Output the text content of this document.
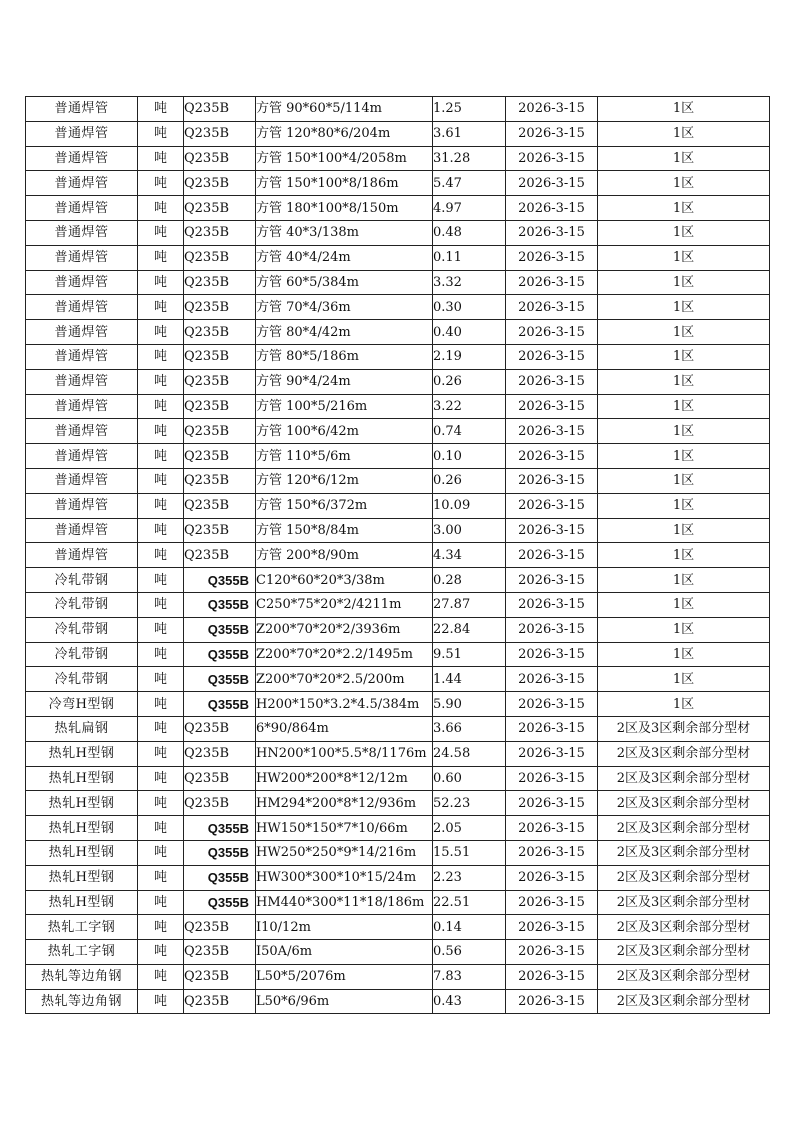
普通焊管	吨	Q235B	方管 90*60*5/114m	1.25	2026-3-15	1区
普通焊管	吨	Q235B	方管 120*80*6/204m	3.61	2026-3-15	1区
普通焊管	吨	Q235B	方管 150*100*4/2058m	31.28	2026-3-15	1区
普通焊管	吨	Q235B	方管 150*100*8/186m	5.47	2026-3-15	1区
普通焊管	吨	Q235B	方管 180*100*8/150m	4.97	2026-3-15	1区
普通焊管	吨	Q235B	方管 40*3/138m	0.48	2026-3-15	1区
普通焊管	吨	Q235B	方管 40*4/24m	0.11	2026-3-15	1区
普通焊管	吨	Q235B	方管 60*5/384m	3.32	2026-3-15	1区
普通焊管	吨	Q235B	方管 70*4/36m	0.30	2026-3-15	1区
普通焊管	吨	Q235B	方管 80*4/42m	0.40	2026-3-15	1区
普通焊管	吨	Q235B	方管 80*5/186m	2.19	2026-3-15	1区
普通焊管	吨	Q235B	方管 90*4/24m	0.26	2026-3-15	1区
普通焊管	吨	Q235B	方管 100*5/216m	3.22	2026-3-15	1区
普通焊管	吨	Q235B	方管 100*6/42m	0.74	2026-3-15	1区
普通焊管	吨	Q235B	方管 110*5/6m	0.10	2026-3-15	1区
普通焊管	吨	Q235B	方管 120*6/12m	0.26	2026-3-15	1区
普通焊管	吨	Q235B	方管 150*6/372m	10.09	2026-3-15	1区
普通焊管	吨	Q235B	方管 150*8/84m	3.00	2026-3-15	1区
普通焊管	吨	Q235B	方管 200*8/90m	4.34	2026-3-15	1区
冷轧带钢	吨	Q355B	C120*60*20*3/38m	0.28	2026-3-15	1区
冷轧带钢	吨	Q355B	C250*75*20*2/4211m	27.87	2026-3-15	1区
冷轧带钢	吨	Q355B	Z200*70*20*2/3936m	22.84	2026-3-15	1区
冷轧带钢	吨	Q355B	Z200*70*20*2.2/1495m	9.51	2026-3-15	1区
冷轧带钢	吨	Q355B	Z200*70*20*2.5/200m	1.44	2026-3-15	1区
冷弯H型钢	吨	Q355B	H200*150*3.2*4.5/384m	5.90	2026-3-15	1区
热轧扁钢	吨	Q235B	6*90/864m	3.66	2026-3-15	2区及3区剩余部分型材
热轧H型钢	吨	Q235B	HN200*100*5.5*8/1176m	24.58	2026-3-15	2区及3区剩余部分型材
热轧H型钢	吨	Q235B	HW200*200*8*12/12m	0.60	2026-3-15	2区及3区剩余部分型材
热轧H型钢	吨	Q235B	HM294*200*8*12/936m	52.23	2026-3-15	2区及3区剩余部分型材
热轧H型钢	吨	Q355B	HW150*150*7*10/66m	2.05	2026-3-15	2区及3区剩余部分型材
热轧H型钢	吨	Q355B	HW250*250*9*14/216m	15.51	2026-3-15	2区及3区剩余部分型材
热轧H型钢	吨	Q355B	HW300*300*10*15/24m	2.23	2026-3-15	2区及3区剩余部分型材
热轧H型钢	吨	Q355B	HM440*300*11*18/186m	22.51	2026-3-15	2区及3区剩余部分型材
热轧工字钢	吨	Q235B	I10/12m	0.14	2026-3-15	2区及3区剩余部分型材
热轧工字钢	吨	Q235B	I50A/6m	0.56	2026-3-15	2区及3区剩余部分型材
热轧等边角钢	吨	Q235B	L50*5/2076m	7.83	2026-3-15	2区及3区剩余部分型材
热轧等边角钢	吨	Q235B	L50*6/96m	0.43	2026-3-15	2区及3区剩余部分型材
